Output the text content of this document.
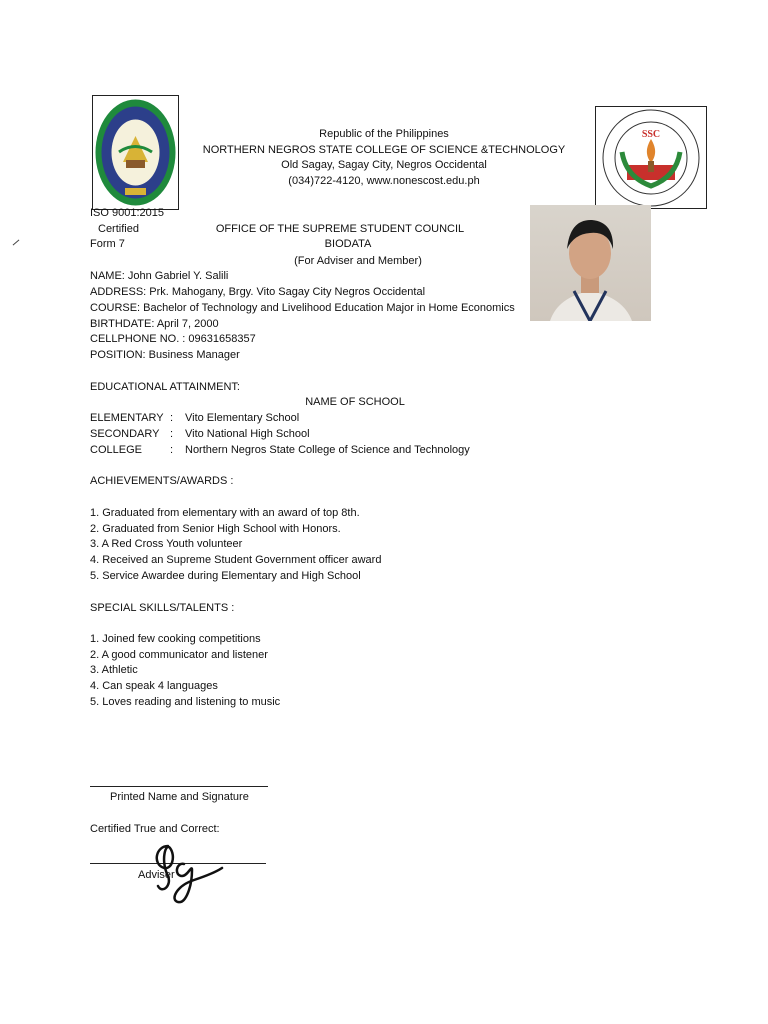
SSC
Republic of the Philippines
NORTHERN NEGROS STATE COLLEGE OF SCIENCE &TECHNOLOGY
Old Sagay, Sagay City, Negros Occidental
(034)722-4120, www.nonescost.edu.ph
ISO 9001:2015
Certified
Form 7
OFFICE OF THE SUPREME STUDENT COUNCIL
BIODATA
(For Adviser and Member)
NAME: John Gabriel Y. Salili
ADDRESS: Prk. Mahogany, Brgy. Vito Sagay City Negros Occidental
COURSE: Bachelor of Technology and Livelihood Education Major in Home Economics
BIRTHDATE: April 7, 2000
CELLPHONE NO. : 09631658357
POSITION: Business Manager
EDUCATIONAL ATTAINMENT:
NAME OF SCHOOL
ELEMENTARY : Vito Elementary School
SECONDARY : Vito National High School
COLLEGE	: Northern Negros State College of Science and Technology
ACHIEVEMENTS/AWARDS :
1. Graduated from elementary with an award of top 8th.
2. Graduated from Senior High School with Honors.
3. A Red Cross Youth volunteer
4. Received an Supreme Student Government officer award
5. Service Awardee during Elementary and High School
SPECIAL SKILLS/TALENTS :
1. Joined few cooking competitions
2. A good communicator and listener
3. Athletic
4. Can speak 4 languages
5. Loves reading and listening to music
Printed Name and Signature
Certified True and Correct:
Adviser
